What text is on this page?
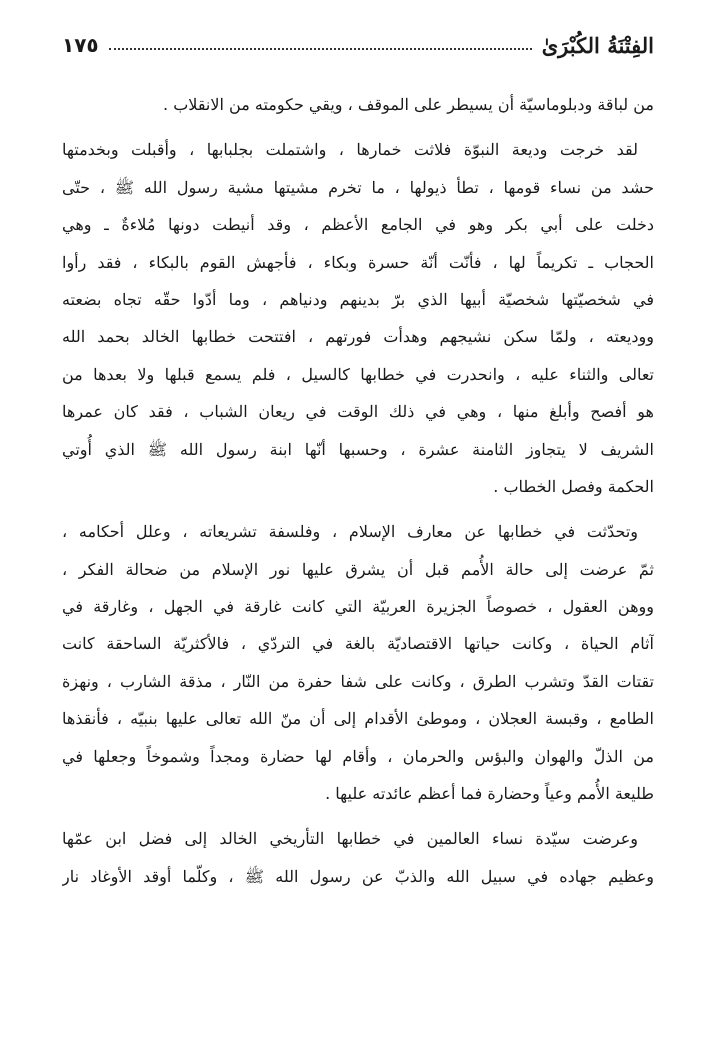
الفِتْنَةُ الكُبْرَىٰ
١٧٥
من لباقة ودبلوماسيّة أن يسيطر على الموقف ، ويقي حكومته من الانقلاب .
لقد خرجت وديعة النبوّة فلاثت خمارها ، واشتملت بجلبابها ، وأقبلت وبخدمتها
حشد من نساء قومها ، تطأ ذيولها ، ما تخرم مشيتها مشية رسول الله ﷺ ، حتّى
دخلت على أبي بكر وهو في الجامع الأعظم ، وقد أنيطت دونها مُلاءةٌ ـ وهي
الحجاب ـ تكريماً لها ، فأنّت أنّة حسرة وبكاء ، فأجهش القوم بالبكاء ، فقد رأوا
في شخصيّتها شخصيّة أبيها الذي برّ بدينهم ودنياهم ، وما أدّوا حقّه تجاه بضعته
ووديعته ، ولمّا سكن نشيجهم وهدأت فورتهم ، افتتحت خطابها الخالد بحمد الله
تعالى والثناء عليه ، وانحدرت في خطابها كالسيل ، فلم يسمع قبلها ولا بعدها من
هو أفصح وأبلغ منها ، وهي في ذلك الوقت في ريعان الشباب ، فقد كان عمرها
الشريف لا يتجاوز الثامنة عشرة ، وحسبها أنّها ابنة رسول الله ﷺ الذي أُوتي
الحكمة وفصل الخطاب .
وتحدّثت في خطابها عن معارف الإسلام ، وفلسفة تشريعاته ، وعلل أحكامه ،
ثمّ عرضت إلى حالة الأُمم قبل أن يشرق عليها نور الإسلام من ضحالة الفكر ،
ووهن العقول ، خصوصاً الجزيرة العربيّة التي كانت غارقة في الجهل ، وغارقة في
آثام الحياة ، وكانت حياتها الاقتصاديّة بالغة في التردّي ، فالأكثريّة الساحقة كانت
تقتات القدّ وتشرب الطرق ، وكانت على شفا حفرة من النّار ، مذقة الشارب ، ونهزة
الطامع ، وقبسة العجلان ، وموطئ الأقدام إلى أن منّ الله تعالى عليها بنبيّه ، فأنقذها
من الذلّ والهوان والبؤس والحرمان ، وأقام لها حضارة ومجداً وشموخاً وجعلها في
طليعة الأُمم وعياً وحضارة فما أعظم عائدته عليها .
وعرضت سيّدة نساء العالمين في خطابها التأريخي الخالد إلى فضل ابن عمّها
وعظيم جهاده في سبيل الله والذبّ عن رسول الله ﷺ ، وكلّما أوقد الأوغاد نار
